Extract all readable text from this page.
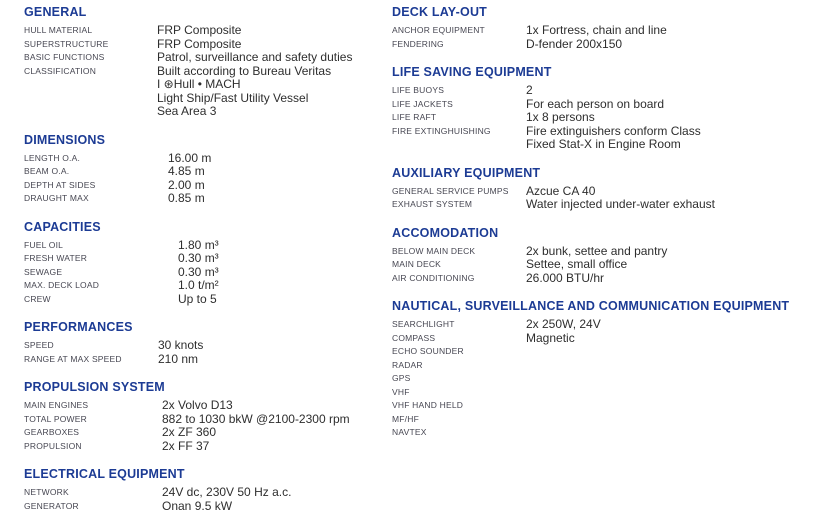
GENERAL
HULL MATERIAL	FRP Composite
SUPERSTRUCTURE	FRP Composite
BASIC FUNCTIONS	Patrol, surveillance and safety duties
CLASSIFICATION	Built according to Bureau Veritas
I ⊛Hull • MACH
Light Ship/Fast Utility Vessel
Sea Area 3
DIMENSIONS
LENGTH O.A.	16.00 m
BEAM O.A.	4.85 m
DEPTH AT SIDES	2.00 m
DRAUGHT MAX	0.85 m
CAPACITIES
FUEL OIL	1.80 m³
FRESH WATER	0.30 m³
SEWAGE	0.30 m³
MAX. DECK LOAD	1.0 t/m²
CREW	Up to 5
PERFORMANCES
SPEED	30 knots
RANGE AT MAX SPEED	210 nm
PROPULSION SYSTEM
MAIN ENGINES	2x Volvo D13
TOTAL POWER	882 to 1030 bkW @2100-2300 rpm
GEARBOXES	2x ZF 360
PROPULSION	2x FF 37
ELECTRICAL EQUIPMENT
NETWORK	24V dc, 230V 50 Hz a.c.
GENERATOR	Onan 9.5 kW
DECK LAY-OUT
ANCHOR EQUIPMENT	1x Fortress, chain and line
FENDERING	D-fender 200x150
LIFE SAVING EQUIPMENT
LIFE BUOYS	2
LIFE JACKETS	For each person on board
LIFE RAFT	1x 8 persons
FIRE EXTINGHUISHING	Fire extinguishers conform Class
Fixed Stat-X in Engine Room
AUXILIARY EQUIPMENT
GENERAL SERVICE PUMPS	Azcue CA 40
EXHAUST SYSTEM	Water injected under-water exhaust
ACCOMODATION
BELOW MAIN DECK	2x bunk, settee and pantry
MAIN DECK	Settee, small office
AIR CONDITIONING	26.000 BTU/hr
NAUTICAL, SURVEILLANCE AND COMMUNICATION EQUIPMENT
SEARCHLIGHT	2x 250W, 24V
COMPASS	Magnetic
ECHO SOUNDER
RADAR
GPS
VHF
VHF HAND HELD
MF/HF
NAVTEX
